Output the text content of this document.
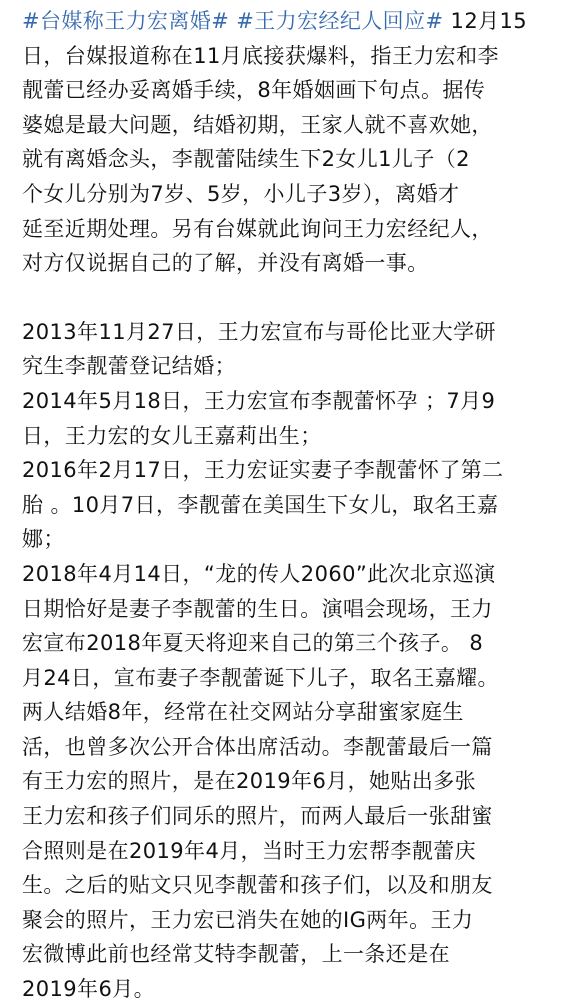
#台媒称王力宏离婚# #王力宏经纪人回应# 12月15
日，台媒报道称在11月底接获爆料，指王力宏和李
靓蕾已经办妥离婚手续，8年婚姻画下句点。据传
婆媳是最大问题，结婚初期，王家人就不喜欢她，
就有离婚念头，李靓蕾陆续生下2女儿1儿子（2
个女儿分别为7岁、5岁，小儿子3岁），离婚才
延至近期处理。另有台媒就此询问王力宏经纪人，
对方仅说据自己的了解，并没有离婚一事。

2013年11月27日，王力宏宣布与哥伦比亚大学研
究生李靓蕾登记结婚；
2014年5月18日，王力宏宣布李靓蕾怀孕 ；7月9
日，王力宏的女儿王嘉莉出生；
2016年2月17日，王力宏证实妻子李靓蕾怀了第二
胎 。10月7日，李靓蕾在美国生下女儿，取名王嘉
娜；
2018年4月14日，“龙的传人2060”此次北京巡演
日期恰好是妻子李靓蕾的生日。演唱会现场，王力
宏宣布2018年夏天将迎来自己的第三个孩子。 8
月24日，宣布妻子李靓蕾诞下儿子，取名王嘉耀。
两人结婚8年，经常在社交网站分享甜蜜家庭生
活，也曾多次公开合体出席活动。李靓蕾最后一篇
有王力宏的照片，是在2019年6月，她贴出多张
王力宏和孩子们同乐的照片，而两人最后一张甜蜜
合照则是在2019年4月，当时王力宏帮李靓蕾庆
生。之后的贴文只见李靓蕾和孩子们，以及和朋友
聚会的照片，王力宏已消失在她的IG两年。王力
宏微博此前也经常艾特李靓蕾，上一条还是在
2019年6月。
